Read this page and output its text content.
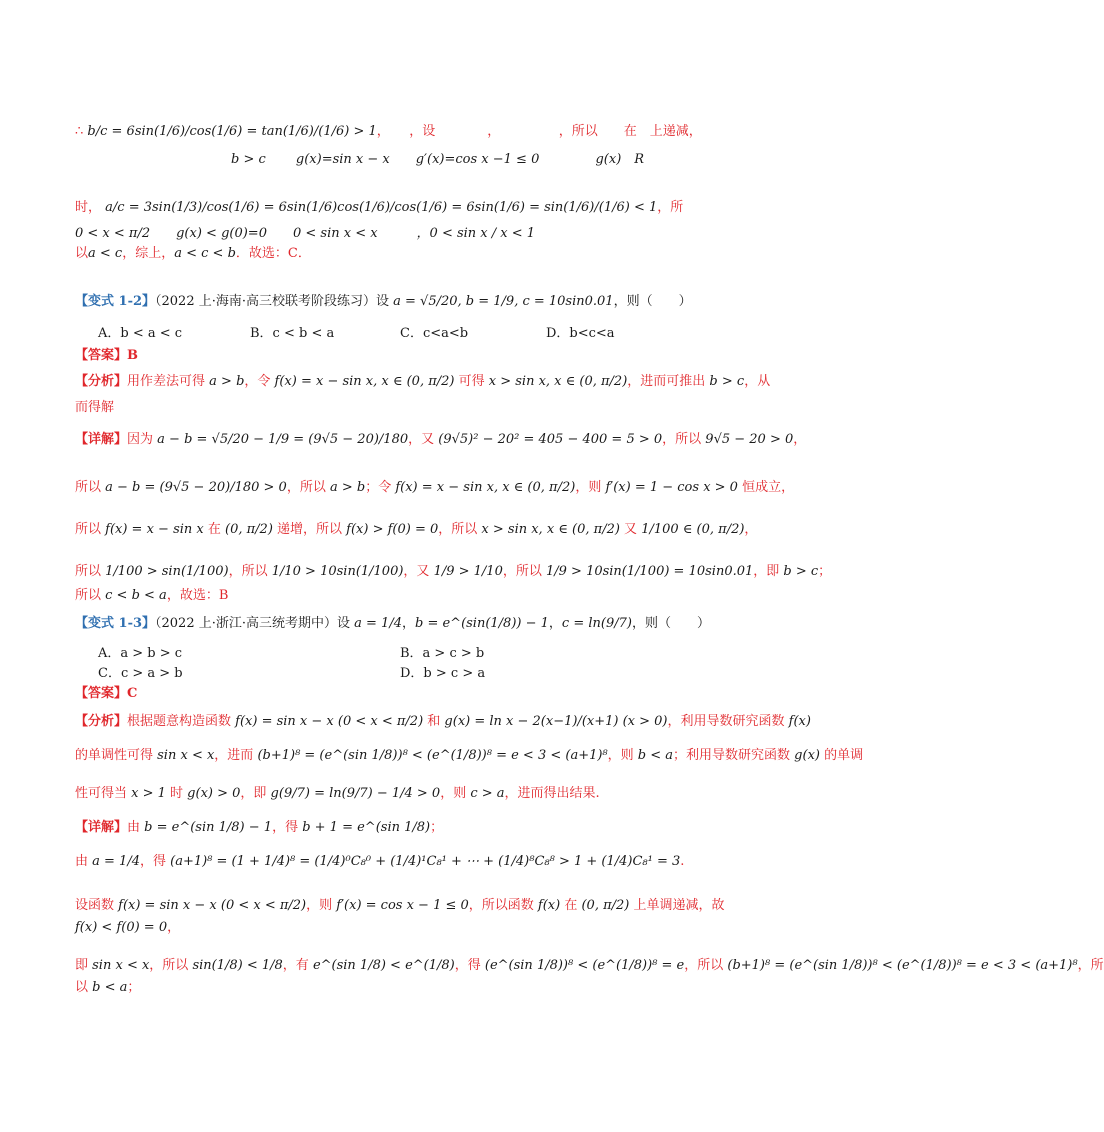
∴ b/c = 6sin(1/6)/cos(1/6) = tan(1/6)/(1/6) > 1，　　，设　　　　，　　　　　，所以　　在　上递减，
　　　　　　　　　　　　b > c　　 g(x)=sin x − x　　g′(x)=cos x −1 ≤ 0　　　　 g(x)　R
时， a/c = 3sin(1/3)/cos(1/6) = 6sin(1/6)cos(1/6)/cos(1/6) = 6sin(1/6) = sin(1/6)/(1/6) < 1，所
0 < x < π/2　　g(x) < g(0)=0　　0 < sin x < x　　　，0 < sin x / x < 1
以a < c，综上，a < c < b．故选：C．
【变式 1-2】（2022 上·海南·高三校联考阶段练习）设 a = √5/20, b = 1/9, c = 10sin0.01，则（　　）
【答案】B
【分析】用作差法可得 a > b，令 f(x) = x − sin x, x ∈ (0, π/2) 可得 x > sin x, x ∈ (0, π/2)，进而可推出 b > c，从
而得解
【详解】因为 a − b = √5/20 − 1/9 = (9√5 − 20)/180，又 (9√5)² − 20² = 405 − 400 = 5 > 0，所以 9√5 − 20 > 0，
所以 a − b = (9√5 − 20)/180 > 0，所以 a > b；令 f(x) = x − sin x, x ∈ (0, π/2)，则 f′(x) = 1 − cos x > 0 恒成立，
所以 f(x) = x − sin x 在 (0, π/2) 递增，所以 f(x) > f(0) = 0，所以 x > sin x, x ∈ (0, π/2) 又 1/100 ∈ (0, π/2)，
所以 1/100 > sin(1/100)，所以 1/10 > 10sin(1/100)，又 1/9 > 1/10，所以 1/9 > 10sin(1/100) = 10sin0.01，即 b > c；
所以 c < b < a，故选：B
【变式 1-3】（2022 上·浙江·高三统考期中）设 a = 1/4，b = e^(sin(1/8)) − 1，c = ln(9/7)，则（　　）
【答案】C
【分析】根据题意构造函数 f(x) = sin x − x (0 < x < π/2) 和 g(x) = ln x − 2(x−1)/(x+1) (x > 0)，利用导数研究函数 f(x)
的单调性可得 sin x < x，进而 (b+1)⁸ = (e^(sin 1/8))⁸ < (e^(1/8))⁸ = e < 3 < (a+1)⁸，则 b < a；利用导数研究函数 g(x) 的单调
性可得当 x > 1 时 g(x) > 0，即 g(9/7) = ln(9/7) − 1/4 > 0，则 c > a，进而得出结果.
【详解】由 b = e^(sin 1/8) − 1，得 b + 1 = e^(sin 1/8)；
由 a = 1/4，得 (a+1)⁸ = (1 + 1/4)⁸ = (1/4)⁰C₈⁰ + (1/4)¹C₈¹ + ⋯ + (1/4)⁸C₈⁸ > 1 + (1/4)C₈¹ = 3.
设函数 f(x) = sin x − x (0 < x < π/2)，则 f′(x) = cos x − 1 ≤ 0，所以函数 f(x) 在 (0, π/2) 上单调递减，故
f(x) < f(0) = 0，
即 sin x < x，所以 sin(1/8) < 1/8，有 e^(sin 1/8) < e^(1/8)，得 (e^(sin 1/8))⁸ < (e^(1/8))⁸ = e，所以 (b+1)⁸ = (e^(sin 1/8))⁸ < (e^(1/8))⁸ = e < 3 < (a+1)⁸，所
以 b < a；
A．b < a < c	B．c < b < a	C．c<a<b	D．b<c<a
A．a > b > c	B．a > c > b
C．c > a > b	D．b > c > a
